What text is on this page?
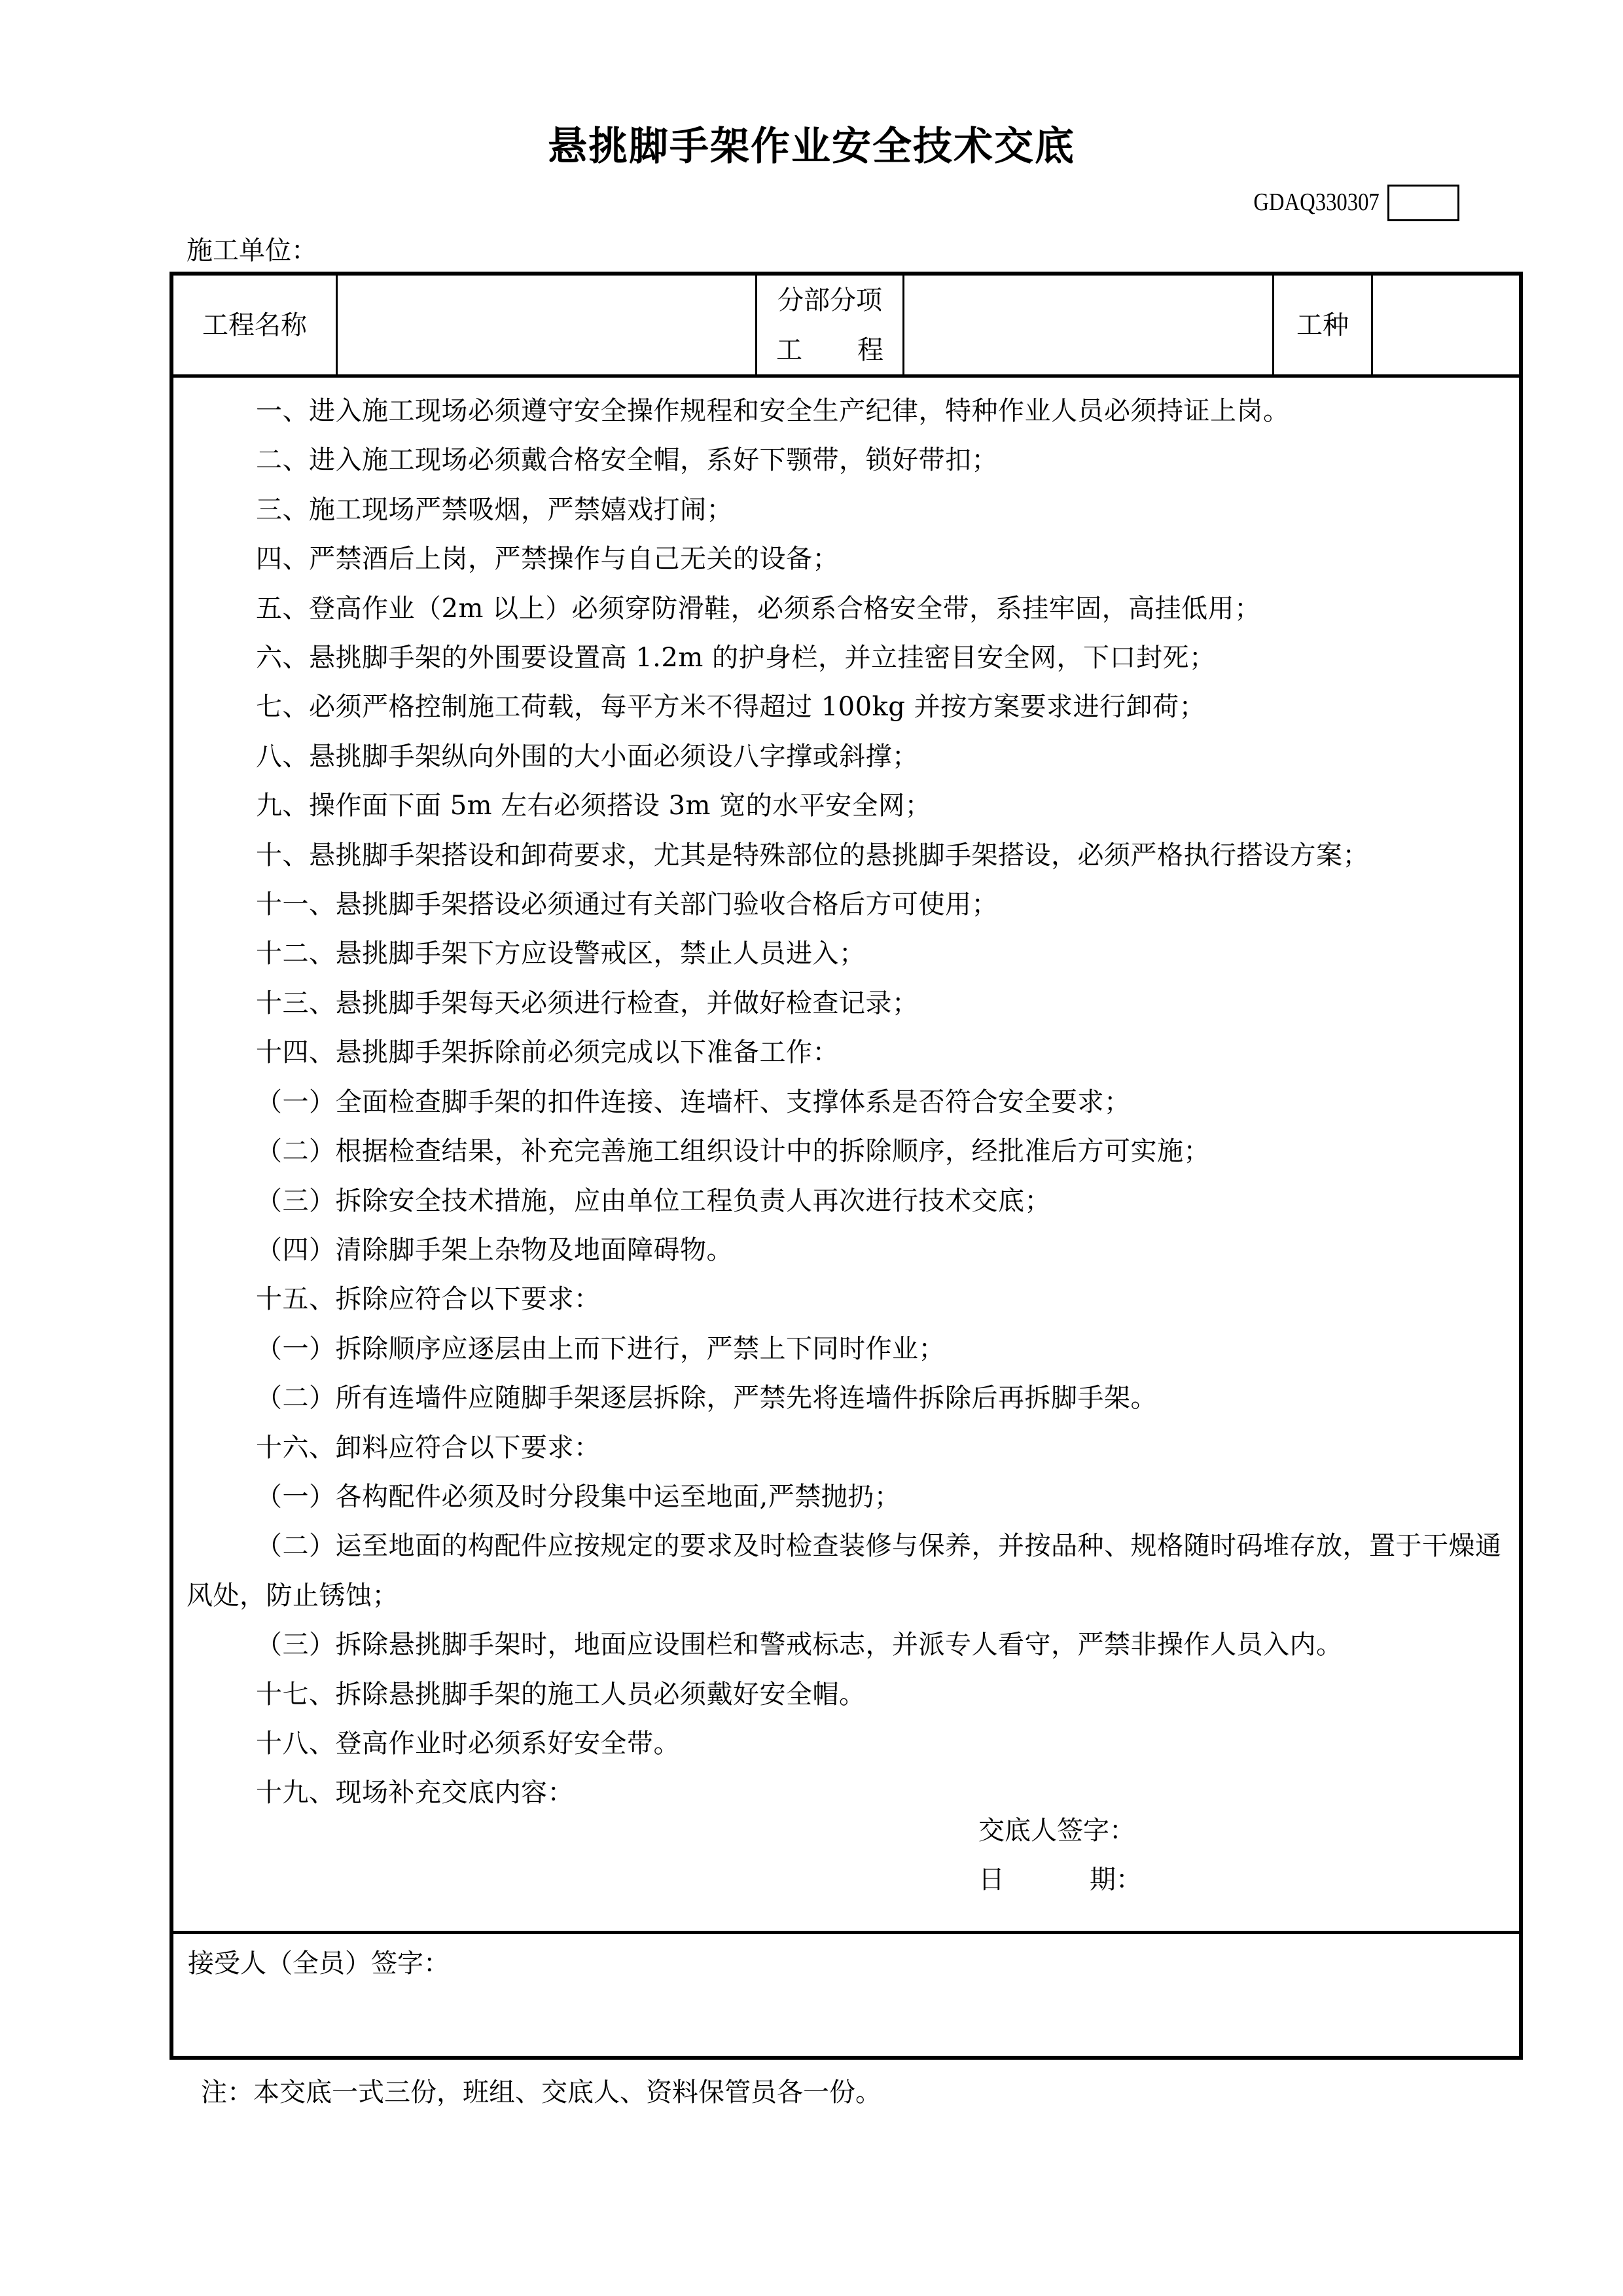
悬挑脚手架作业安全技术交底
GDAQ330307
施工单位：
工程名称
分部分项
工 程
工种
一、进入施工现场必须遵守安全操作规程和安全生产纪律，特种作业人员必须持证上岗。
二、进入施工现场必须戴合格安全帽，系好下颚带，锁好带扣；
三、施工现场严禁吸烟，严禁嬉戏打闹；
四、严禁酒后上岗，严禁操作与自己无关的设备；
五、登高作业（2m 以上）必须穿防滑鞋，必须系合格安全带，系挂牢固，高挂低用；
六、悬挑脚手架的外围要设置高 1.2m 的护身栏，并立挂密目安全网，下口封死；
七、必须严格控制施工荷载，每平方米不得超过 100kg 并按方案要求进行卸荷；
八、悬挑脚手架纵向外围的大小面必须设八字撑或斜撑；
九、操作面下面 5m 左右必须搭设 3m 宽的水平安全网；
十、悬挑脚手架搭设和卸荷要求，尤其是特殊部位的悬挑脚手架搭设，必须严格执行搭设方案；
十一、悬挑脚手架搭设必须通过有关部门验收合格后方可使用；
十二、悬挑脚手架下方应设警戒区，禁止人员进入；
十三、悬挑脚手架每天必须进行检查，并做好检查记录；
十四、悬挑脚手架拆除前必须完成以下准备工作：
（一）全面检查脚手架的扣件连接、连墙杆、支撑体系是否符合安全要求；
（二）根据检查结果，补充完善施工组织设计中的拆除顺序，经批准后方可实施；
（三）拆除安全技术措施，应由单位工程负责人再次进行技术交底；
（四）清除脚手架上杂物及地面障碍物。
十五、拆除应符合以下要求：
（一）拆除顺序应逐层由上而下进行，严禁上下同时作业；
（二）所有连墙件应随脚手架逐层拆除，严禁先将连墙件拆除后再拆脚手架。
十六、卸料应符合以下要求：
（一）各构配件必须及时分段集中运至地面,严禁抛扔；
（二）运至地面的构配件应按规定的要求及时检查装修与保养，并按品种、规格随时码堆存放，置于干燥通风处，防止锈蚀；
（三）拆除悬挑脚手架时，地面应设围栏和警戒标志，并派专人看守，严禁非操作人员入内。
十七、拆除悬挑脚手架的施工人员必须戴好安全帽。
十八、登高作业时必须系好安全带。
十九、现场补充交底内容：
交底人签字：
日	期：
接受人（全员）签字：
注：本交底一式三份，班组、交底人、资料保管员各一份。
